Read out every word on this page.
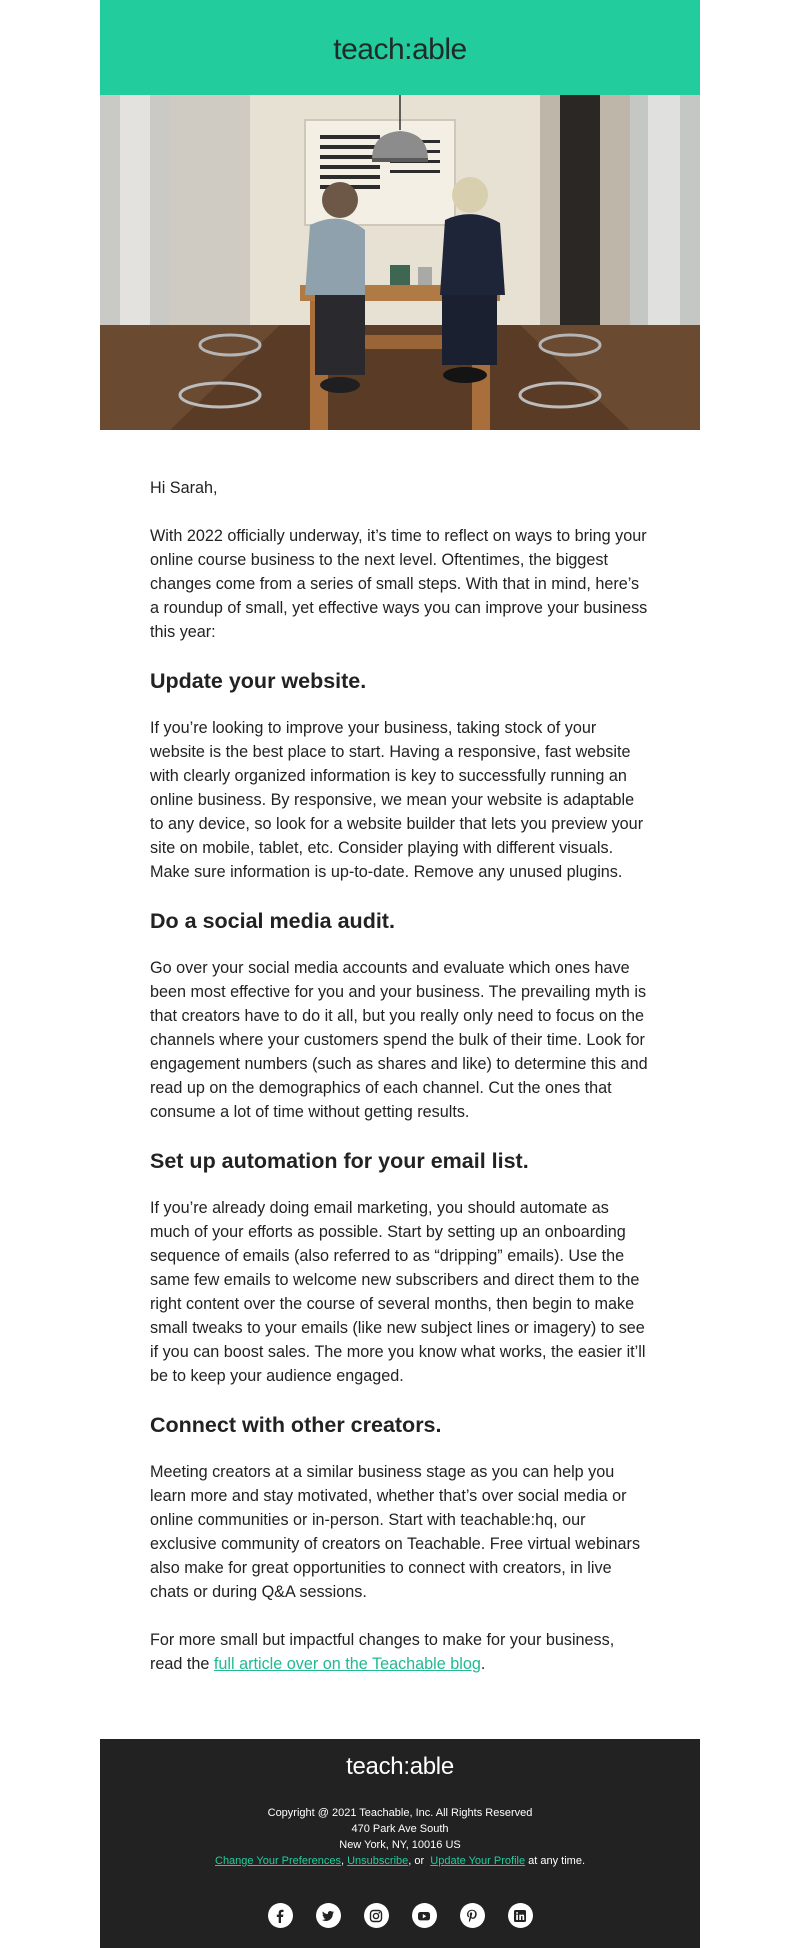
teach:able

Hi Sarah,

With 2022 officially underway, it’s time to reflect on ways to bring your online course business to the next level. Oftentimes, the biggest changes come from a series of small steps. With that in mind, here’s a roundup of small, yet effective ways you can improve your business this year:

Update your website.

If you’re looking to improve your business, taking stock of your website is the best place to start. Having a responsive, fast website with clearly organized information is key to successfully running an online business. By responsive, we mean your website is adaptable to any device, so look for a website builder that lets you preview your site on mobile, tablet, etc. Consider playing with different visuals. Make sure information is up-to-date. Remove any unused plugins.

Do a social media audit.

Go over your social media accounts and evaluate which ones have been most effective for you and your business. The prevailing myth is that creators have to do it all, but you really only need to focus on the channels where your customers spend the bulk of their time. Look for engagement numbers (such as shares and like) to determine this and read up on the demographics of each channel. Cut the ones that consume a lot of time without getting results.

Set up automation for your email list.

If you’re already doing email marketing, you should automate as much of your efforts as possible. Start by setting up an onboarding sequence of emails (also referred to as “dripping” emails). Use the same few emails to welcome new subscribers and direct them to the right content over the course of several months, then begin to make small tweaks to your emails (like new subject lines or imagery) to see if you can boost sales. The more you know what works, the easier it’ll be to keep your audience engaged.

Connect with other creators.

Meeting creators at a similar business stage as you can help you learn more and stay motivated, whether that’s over social media or online communities or in-person. Start with teachable:hq, our exclusive community of creators on Teachable. Free virtual webinars also make for great opportunities to connect with creators, in live chats or during Q&A sessions.

For more small but impactful changes to make for your business, read the full article over on the Teachable blog.

teach:able
Copyright @ 2021 Teachable, Inc. All Rights Reserved
470 Park Ave South
New York, NY, 10016 US
Change Your Preferences, Unsubscribe, or Update Your Profile at any time.
